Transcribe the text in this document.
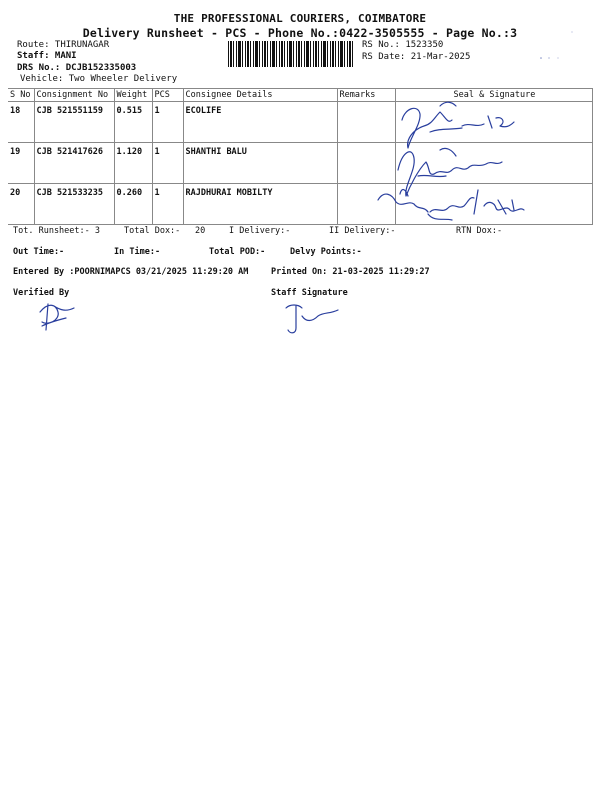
THE PROFESSIONAL COURIERS, COIMBATORE
Delivery Runsheet - PCS - Phone No.:0422-3505555 - Page No.:3
Route: THIRUNAGAR
Staff: MANI
DRS No.: DCJB152335003
Vehicle: Two Wheeler Delivery
RS No.: 1523350
RS Date: 21-Mar-2025
S No	Consignment No	Weight	PCS	Consignee Details	Remarks	Seal & Signature
18	CJB 521551159	0.515	1	ECOLIFE		
19	CJB 521417626	1.120	1	SHANTHI BALU		
20	CJB 521533235	0.260	1	RAJDHURAI MOBILTY		
Tot. Runsheet:- 3	Total Dox:- 20	I Delivery:-	II Delivery:-	RTN Dox:-
Out Time:-	In Time:-	Total POD:-	Delvy Points:-
Entered By :POORNIMAPCS 03/21/2025 11:29:20 AM	Printed On: 21-03-2025 11:29:27
Verified By	Staff Signature
